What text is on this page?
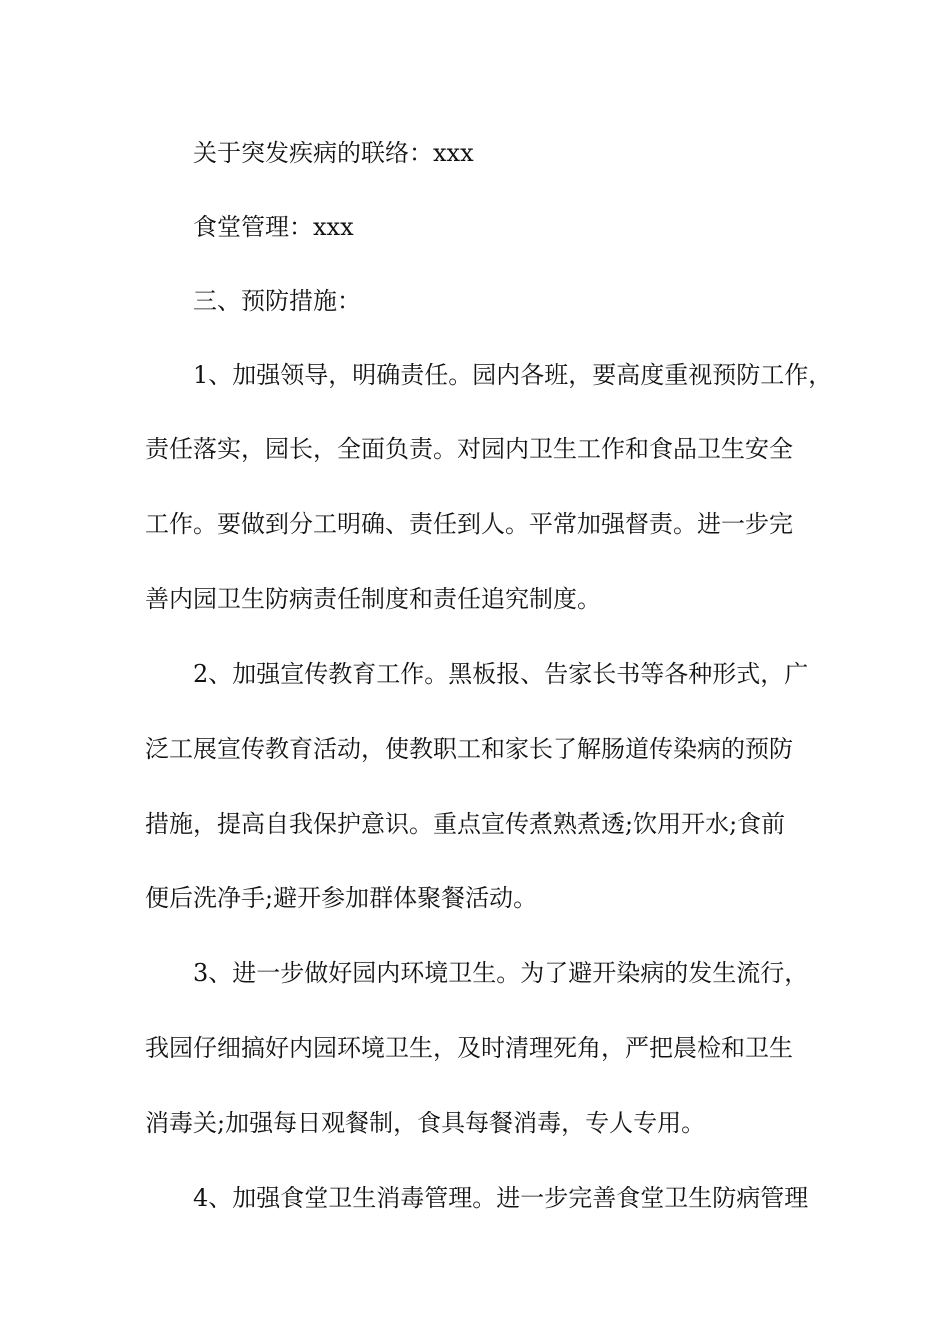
关于突发疾病的联络：xxx
食堂管理：xxx
三、预防措施：
1、加强领导，明确责任。园内各班，要高度重视预防工作，
责任落实，园长，全面负责。对园内卫生工作和食品卫生安全
工作。要做到分工明确、责任到人。平常加强督责。进一步完
善内园卫生防病责任制度和责任追究制度。
2、加强宣传教育工作。黑板报、告家长书等各种形式，广
泛工展宣传教育活动，使教职工和家长了解肠道传染病的预防
措施，提高自我保护意识。重点宣传煮熟煮透;饮用开水;食前
便后洗净手;避开参加群体聚餐活动。
3、进一步做好园内环境卫生。为了避开染病的发生流行，
我园仔细搞好内园环境卫生，及时清理死角，严把晨检和卫生
消毒关;加强每日观餐制，食具每餐消毒，专人专用。
4、加强食堂卫生消毒管理。进一步完善食堂卫生防病管理
